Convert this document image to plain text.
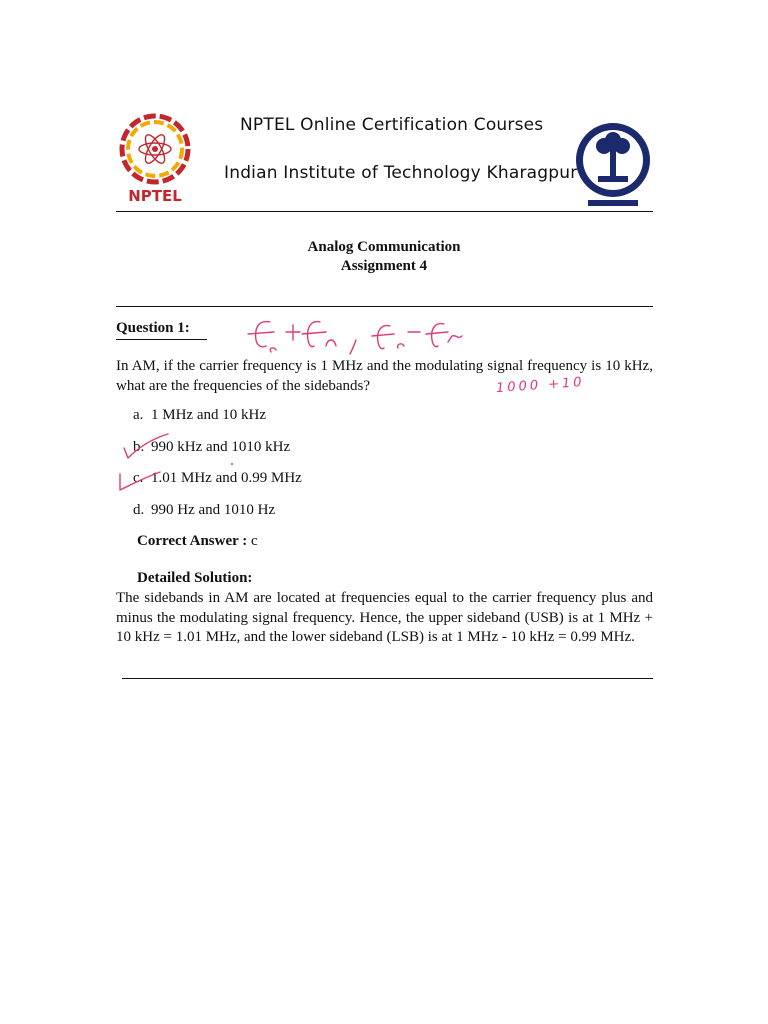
NPTEL
NPTEL Online Certification Courses
Indian Institute of Technology Kharagpur
Analog Communication
Assignment 4
Question 1:
In AM, if the carrier frequency is 1 MHz and the modulating signal frequency is 10 kHz, what are the frequencies of the sidebands?
a. 1 MHz and 10 kHz
b. 990 kHz and 1010 kHz
c. 1.01 MHz and 0.99 MHz
d. 990 Hz and 1010 Hz
Correct Answer : c
Detailed Solution:
The sidebands in AM are located at frequencies equal to the carrier frequency plus and minus the modulating signal frequency. Hence, the upper sideband (USB) is at 1 MHz + 10 kHz = 1.01 MHz, and the lower sideband (LSB) is at 1 MHz - 10 kHz = 0.99 MHz.
1000 +10
